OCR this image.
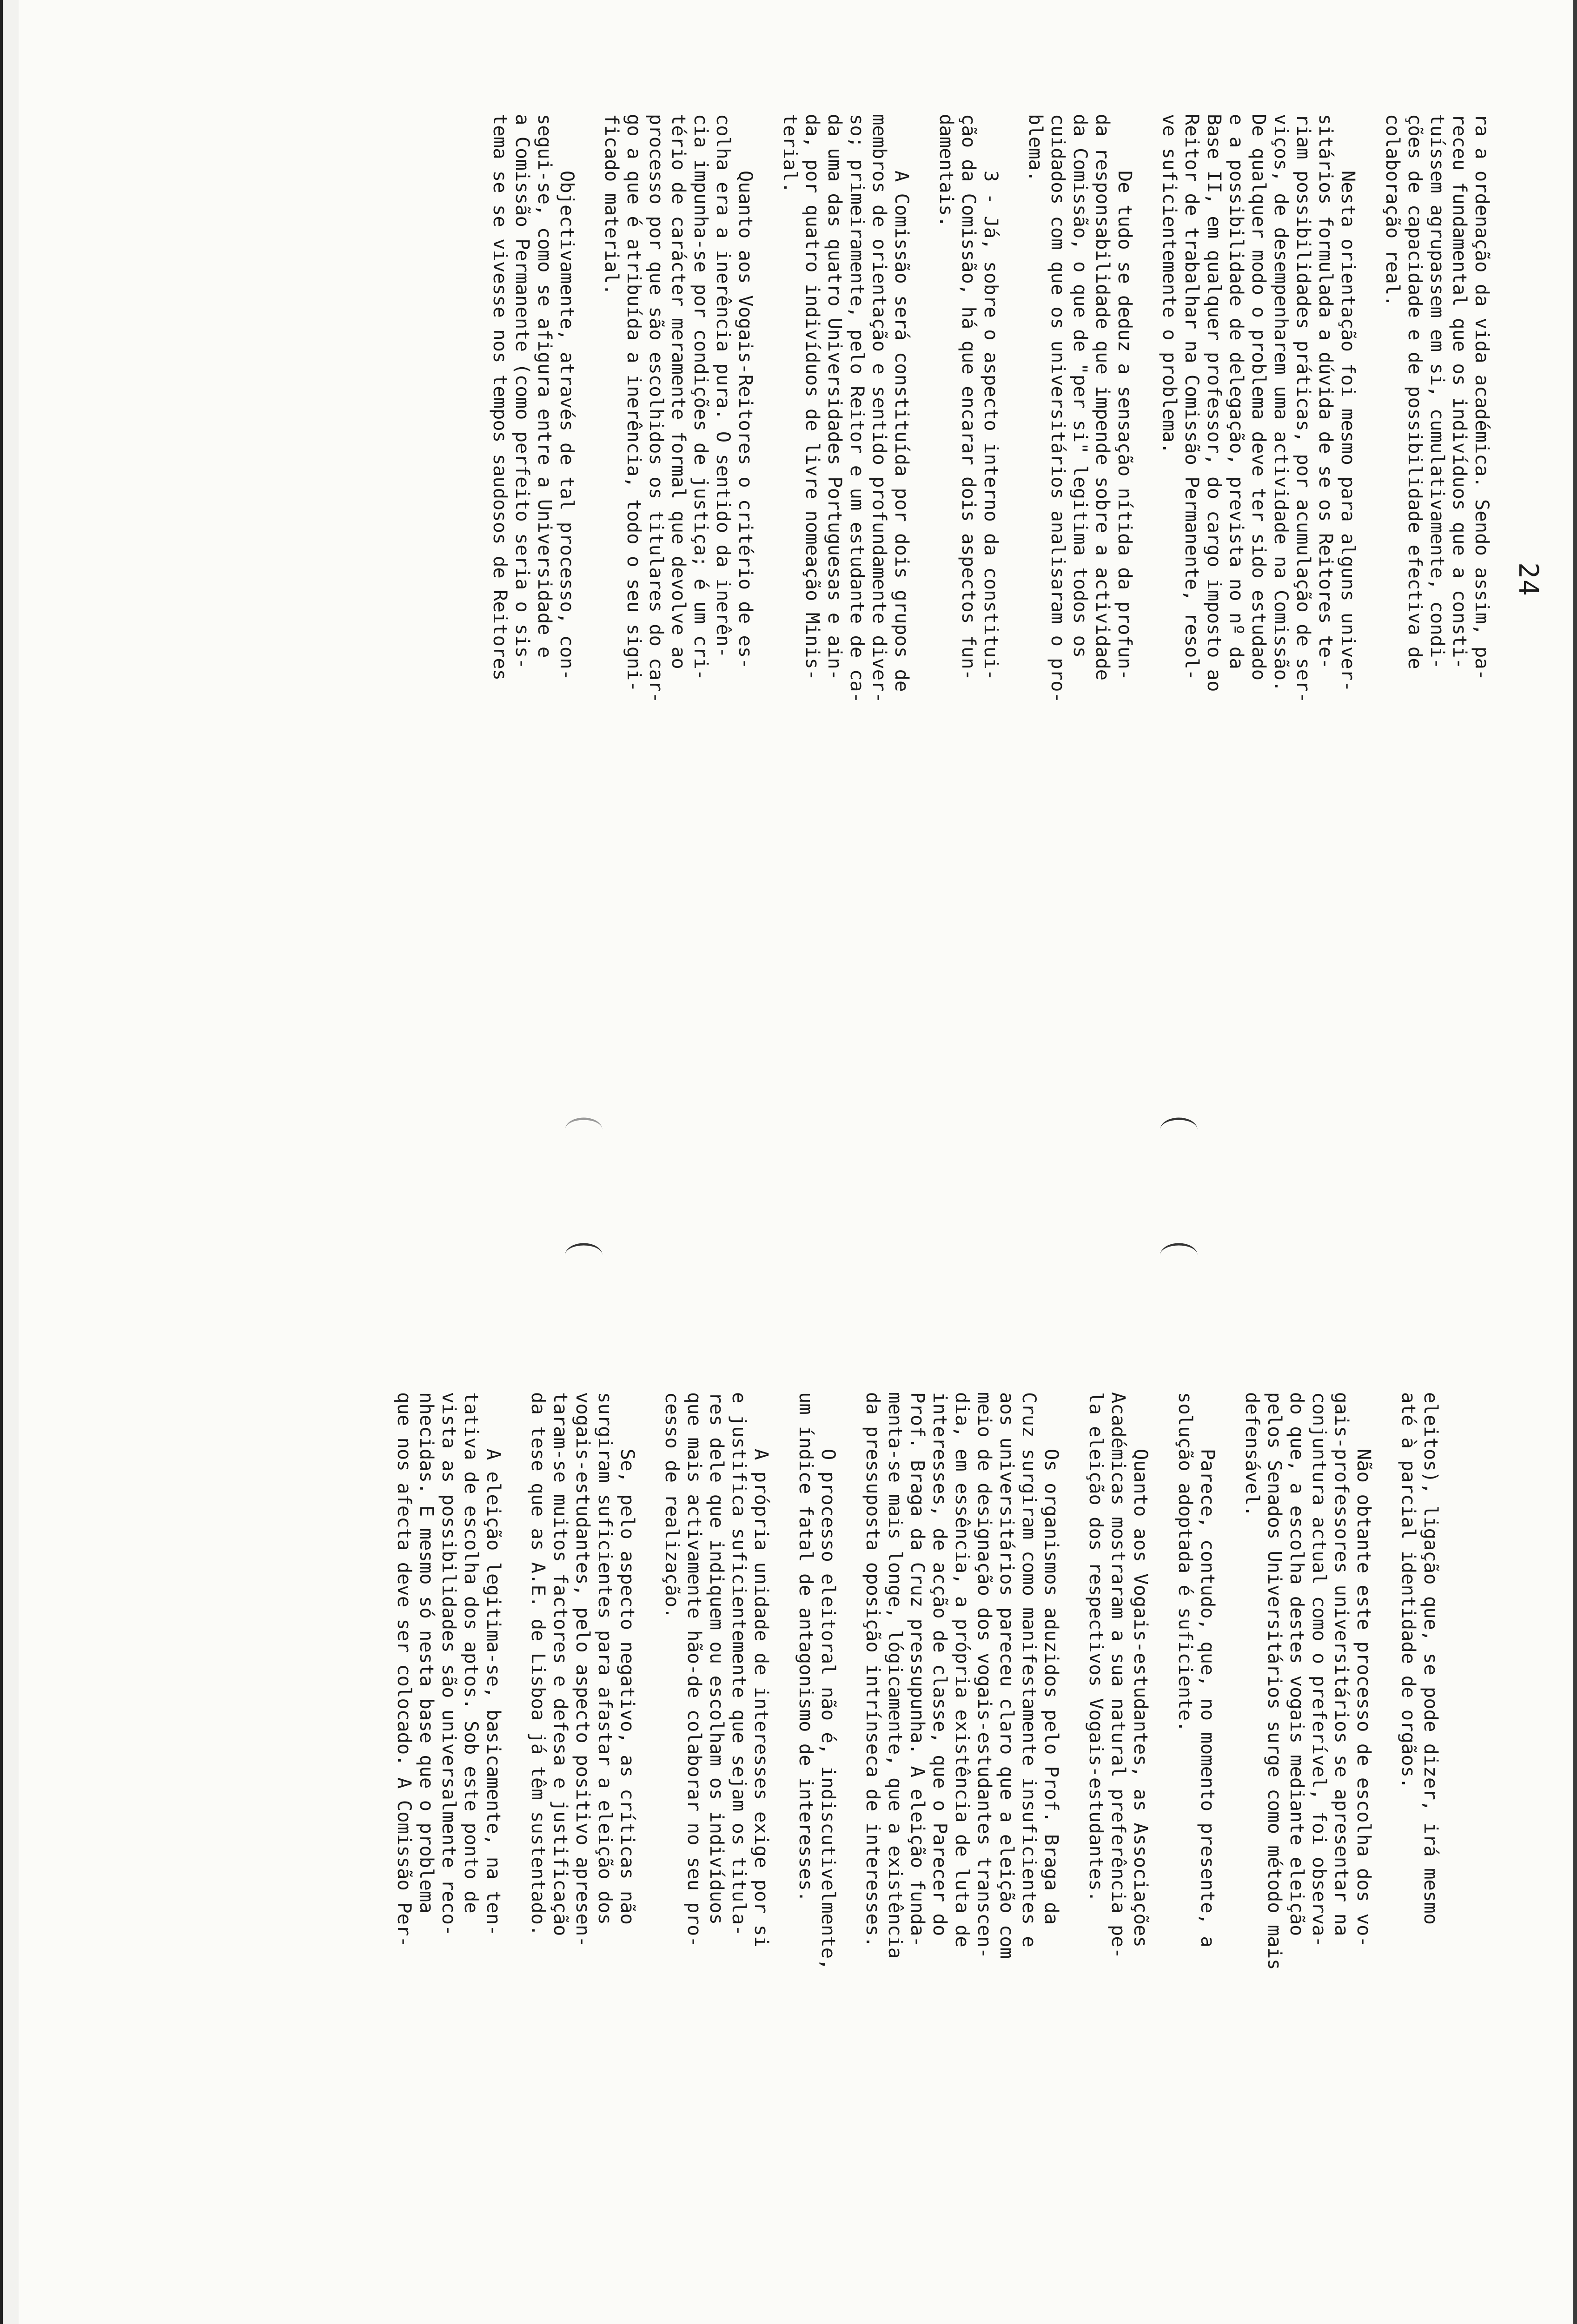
24

ra a ordenação da vida académica. Sendo assim, pa-
receu fundamental que os indivíduos que a consti-
tuíssem agrupassem em si, cumulativamente, condi-
ções de capacidade e de possibilidade efectiva de
colaboração real.

Nesta orientação foi mesmo para alguns univer-
sitários formulada a dúvida de se os Reitores te-
riam possibilidades práticas, por acumulação de ser-
viços, de desempenharem uma actividade na Comissão.
De qualquer modo o problema deve ter sido estudado
e a possibilidade de delegação, prevista no nº da
Base II, em qualquer professor, do cargo imposto ao
Reitor de trabalhar na Comissão Permanente, resol-
ve suficientemente o problema.

De tudo se deduz a sensação nítida da profun-
da responsabilidade que impende sobre a actividade
da Comissão, o que de "per si" legitima todos os
cuidados com que os universitários analisaram o pro-
blema.

3 - Já, sobre o aspecto interno da constitui-
ção da Comissão, há que encarar dois aspectos fun-
damentais.

A Comissão será constituída por dois grupos de
membros de orientação e sentido profundamente diver-
so; primeiramente, pelo Reitor e um estudante de ca-
da uma das quatro Universidades Portuguesas e ain-
da, por quatro indivíduos de livre nomeação Minis-
terial.

Quanto aos Vogais-Reitores o critério de es-
colha era a inerência pura. O sentido da inerên-
cia impunha-se por condições de justiça; é um cri-
tério de carácter meramente formal que devolve ao
processo por que são escolhidos os titulares do car-
go a que é atribuída a inerência, todo o seu signi-
ficado material.

Objectivamente, através de tal processo, con-
segui-se, como se afigura entre a Universidade e
a Comissão Permanente (como perfeito seria o sis-
tema se se vivesse nos tempos saudosos de Reitores

eleitos), ligação que, se pode dizer, irá mesmo
até à parcial identidade de orgãos.

Não obtante este processo de escolha dos vo-
gais-professores universitários se apresentar na
conjuntura actual como o preferível, foi observa-
do que, a escolha destes vogais mediante eleição
pelos Senados Universitários surge como método mais
defensável.

Parece, contudo, que, no momento presente, a
solução adoptada é suficiente.

Quanto aos Vogais-estudantes, as Associações
Académicas mostraram a sua natural preferência pe-
la eleição dos respectivos Vogais-estudantes.

Os organismos aduzidos pelo Prof. Braga da
Cruz surgiram como manifestamente insuficientes e
aos universitários pareceu claro que a eleição com
meio de designação dos vogais-estudantes transcen-
dia, em essência, a própria existência de luta de
interesses, de acção de classe, que o Parecer do
Prof. Braga da Cruz pressupunha. A eleição funda-
menta-se mais longe, lógicamente, que a existência
da pressuposta oposição intrínseca de interesses.

O processo eleitoral não é, indiscutivelmente,
um índice fatal de antagonismo de interesses.

A própria unidade de interesses exige por si
e justifica suficientemente que sejam os titula-
res dele que indiquem ou escolham os indivíduos
que mais activamente hão-de colaborar no seu pro-
cesso de realização.

Se, pelo aspecto negativo, as críticas não
surgiram suficientes para afastar a eleição dos
vogais-estudantes, pelo aspecto positivo apresen-
taram-se muitos factores e defesa e justificação
da tese que as A.E. de Lisboa já têm sustentado.

A eleição legitima-se, basicamente, na ten-
tativa de escolha dos aptos. Sob este ponto de
vista as possibilidades são universalmente reco-
nhecidas. E mesmo só nesta base que o problema
que nos afecta deve ser colocado. A Comissão Per-
